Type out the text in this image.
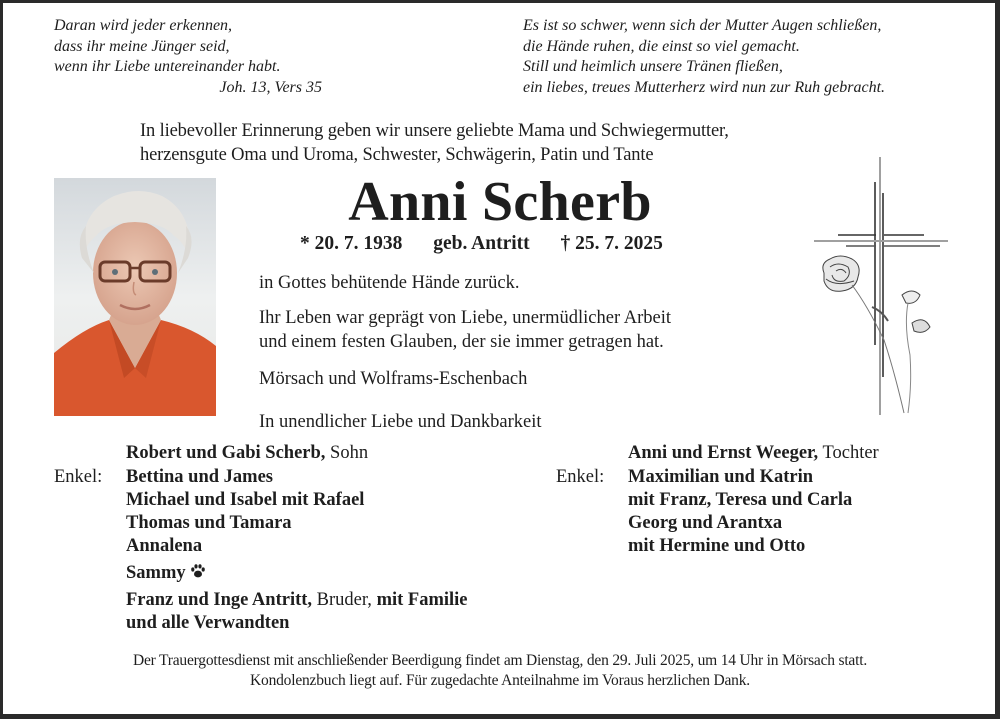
Daran wird jeder erkennen,
dass ihr meine Jünger seid,
wenn ihr Liebe untereinander habt.
Joh. 13, Vers 35
Es ist so schwer, wenn sich der Mutter Augen schließen,
die Hände ruhen, die einst so viel gemacht.
Still und heimlich unsere Tränen fließen,
ein liebes, treues Mutterherz wird nun zur Ruh gebracht.
In liebevoller Erinnerung geben wir unsere geliebte Mama und Schwiegermutter,
herzensgute Oma und Uroma, Schwester, Schwägerin, Patin und Tante
Anni Scherb
* 20. 7. 1938 geb. Antritt † 25. 7. 2025
in Gottes behütende Hände zurück.
Ihr Leben war geprägt von Liebe, unermüdlicher Arbeit
und einem festen Glauben, der sie immer getragen hat.
Mörsach und Wolframs-Eschenbach
In unendlicher Liebe und Dankbarkeit
Robert und Gabi Scherb, Sohn
Enkel: Bettina und James
Michael und Isabel mit Rafael
Thomas und Tamara
Annalena
Sammy
Franz und Inge Antritt, Bruder, mit Familie
und alle Verwandten
Anni und Ernst Weeger, Tochter
Enkel: Maximilian und Katrin
mit Franz, Teresa und Carla
Georg und Arantxa
mit Hermine und Otto
Der Trauergottesdienst mit anschließender Beerdigung findet am Dienstag, den 29. Juli 2025, um 14 Uhr in Mörsach statt.
Kondolenzbuch liegt auf. Für zugedachte Anteilnahme im Voraus herzlichen Dank.
